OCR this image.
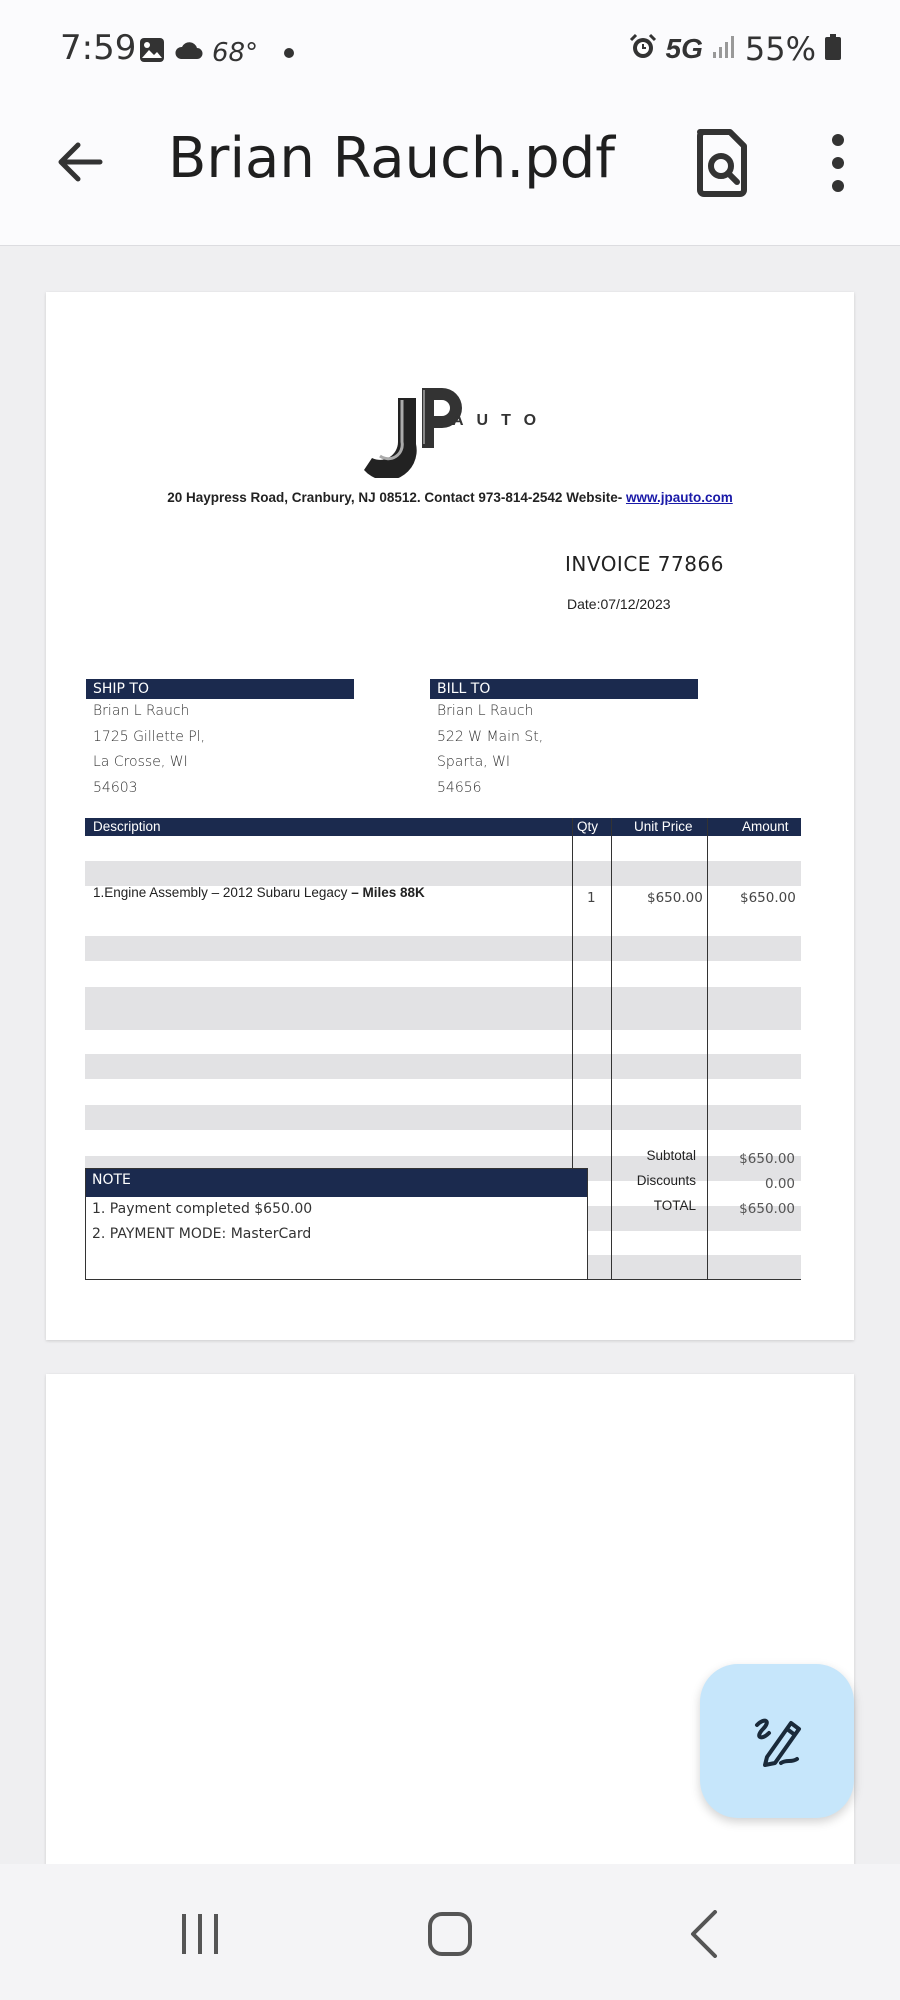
7:59	68°	5G 55%
Brian Rauch.pdf
AUTO
20 Haypress Road, Cranbury, NJ 08512. Contact 973-814-2542 Website- www.jpauto.com
INVOICE 77866
Date:07/12/2023
SHIP TO
Brian L Rauch
1725 Gillette Pl,
La Crosse, WI
54603
BILL TO
Brian L Rauch
522 W Main St,
Sparta, WI
54656
Description	Qty	Unit Price	Amount
1.Engine Assembly – 2012 Subaru Legacy – Miles 88K	1	$650.00	$650.00
Subtotal	$650.00
Discounts	0.00
TOTAL	$650.00
NOTE
1. Payment completed $650.00
2. PAYMENT MODE: MasterCard
